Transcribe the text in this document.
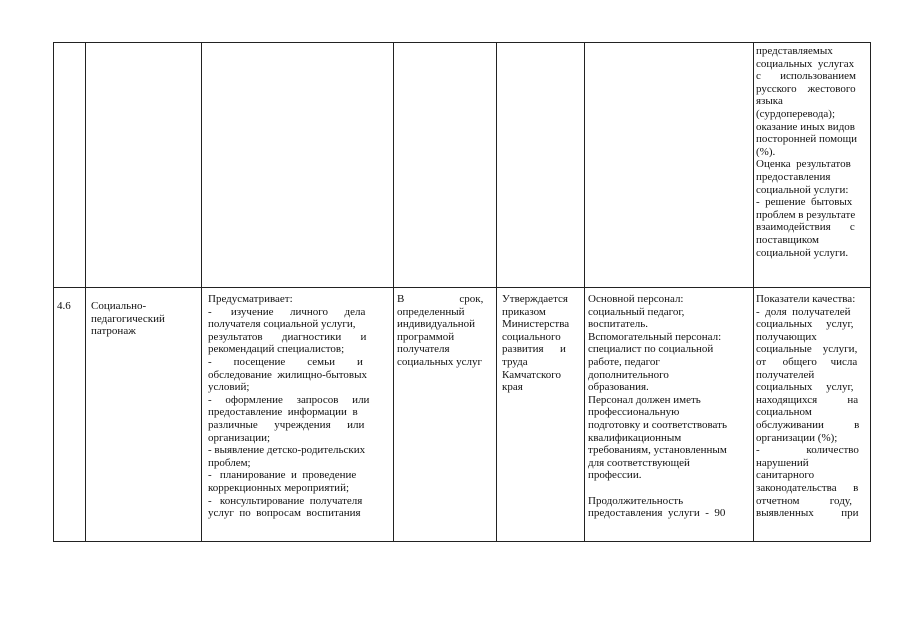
представляемых
социальных  услугах
с       использованием
русского    жестового
языка
(сурдоперевода);
оказание иных видов
посторонней помощи
(%).
Оценка  результатов
предоставления
социальной услуги:
-  решение  бытовых
проблем в результате
взаимодействия       с
поставщиком
социальной услуги.
4.6	Социально-
педагогический
патронаж
Предусматривает:
-       изучение      личного      дела
получателя социальной услуги,
результатов       диагностики       и
рекомендаций специалистов;
-        посещение        семьи        и
обследование  жилищно-бытовых
условий;
-     оформление     запросов     или
предоставление  информации  в
различные      учреждения      или
организации;
- выявление детско-родительских
проблем;
-   планирование  и  проведение
коррекционных мероприятий;
-   консультирование  получателя
услуг  по  вопросам  воспитания
В                    срок,
определенный
индивидуальной
программой
получателя
социальных услуг
Утверждается
приказом
Министерства
социального
развития      и
труда
Камчатского
края
Основной персонал:
социальный педагог,
воспитатель.
Вспомогательный персонал:
специалист по социальной
работе, педагог
дополнительного
образования.
Персонал должен иметь
профессиональную
подготовку и соответствовать
квалификационным
требованиям, установленным
для соответствующей
профессии.

Продолжительность
предоставления  услуги  -  90
Показатели качества:
-  доля  получателей
социальных     услуг,
получающих
социальные    услуги,
от      общего     числа
получателей
социальных     услуг,
находящихся           на
социальном
обслуживании           в
организации (%);
-                 количество
нарушений
санитарного
законодательства      в
отчетном           году,
выявленных          при
